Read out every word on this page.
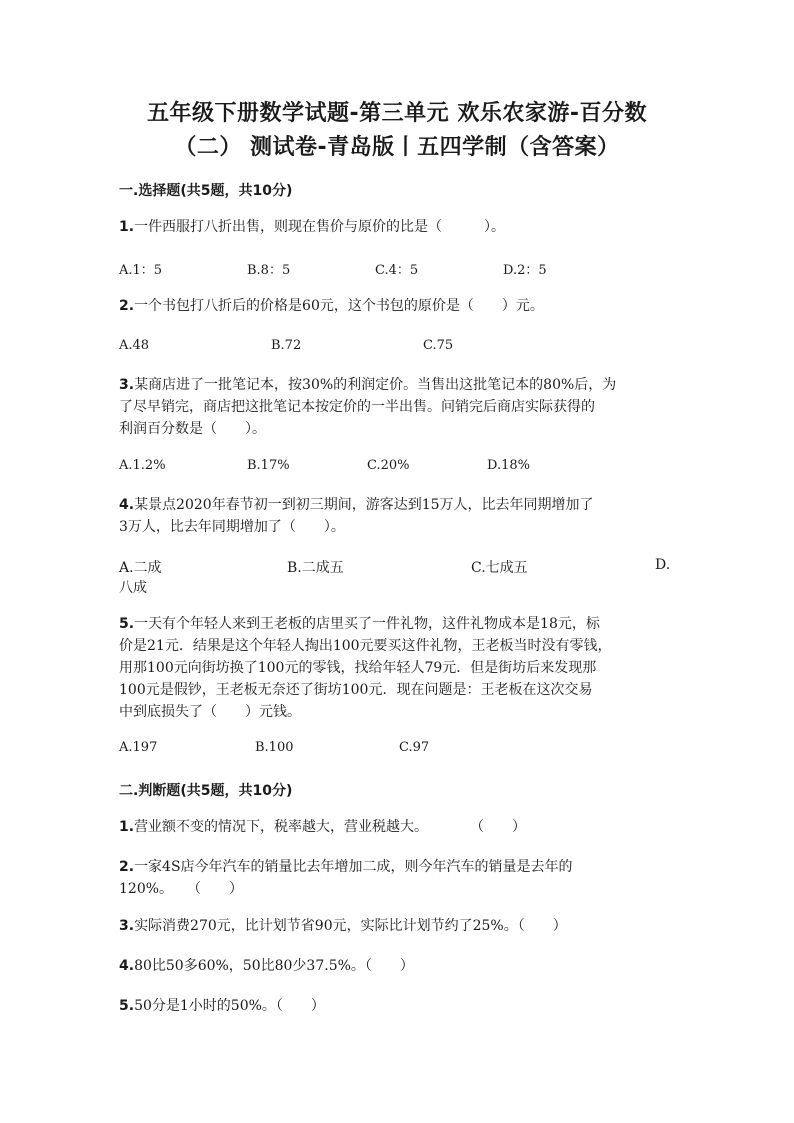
五年级下册数学试题-第三单元 欢乐农家游-百分数
（二） 测试卷-青岛版丨五四学制（含答案）
一.选择题(共5题，共10分)
1.一件西服打八折出售，则现在售价与原价的比是（　　　）。
A.1：5	B.8：5	C.4：5	D.2：5
2.一个书包打八折后的价格是60元，这个书包的原价是（　　）元。
A.48	B.72	C.75
3.某商店进了一批笔记本，按30%的利润定价。当售出这批笔记本的80%后，为
了尽早销完，商店把这批笔记本按定价的一半出售。问销完后商店实际获得的
利润百分数是（　　）。
A.1.2%	B.17%	C.20%	D.18%
4.某景点2020年春节初一到初三期间，游客达到15万人，比去年同期增加了
3万人，比去年同期增加了（　　）。
A.二成	B.二成五	C.七成五	D.
八成
5.一天有个年轻人来到王老板的店里买了一件礼物，这件礼物成本是18元，标
价是21元．结果是这个年轻人掏出100元要买这件礼物，王老板当时没有零钱，
用那100元向街坊换了100元的零钱，找给年轻人79元．但是街坊后来发现那
100元是假钞，王老板无奈还了街坊100元．现在问题是：王老板在这次交易
中到底损失了（　　）元钱。
A.197	B.100	C.97
二.判断题(共5题，共10分)
1.营业额不变的情况下，税率越大，营业税越大。　　　　（　　）
2.一家4S店今年汽车的销量比去年增加二成，则今年汽车的销量是去年的
120%。　　（　　）
3.实际消费270元，比计划节省90元，实际比计划节约了25%。（　　）
4.80比50多60%，50比80少37.5%。（　　）
5.50分是1小时的50%。（　　）
